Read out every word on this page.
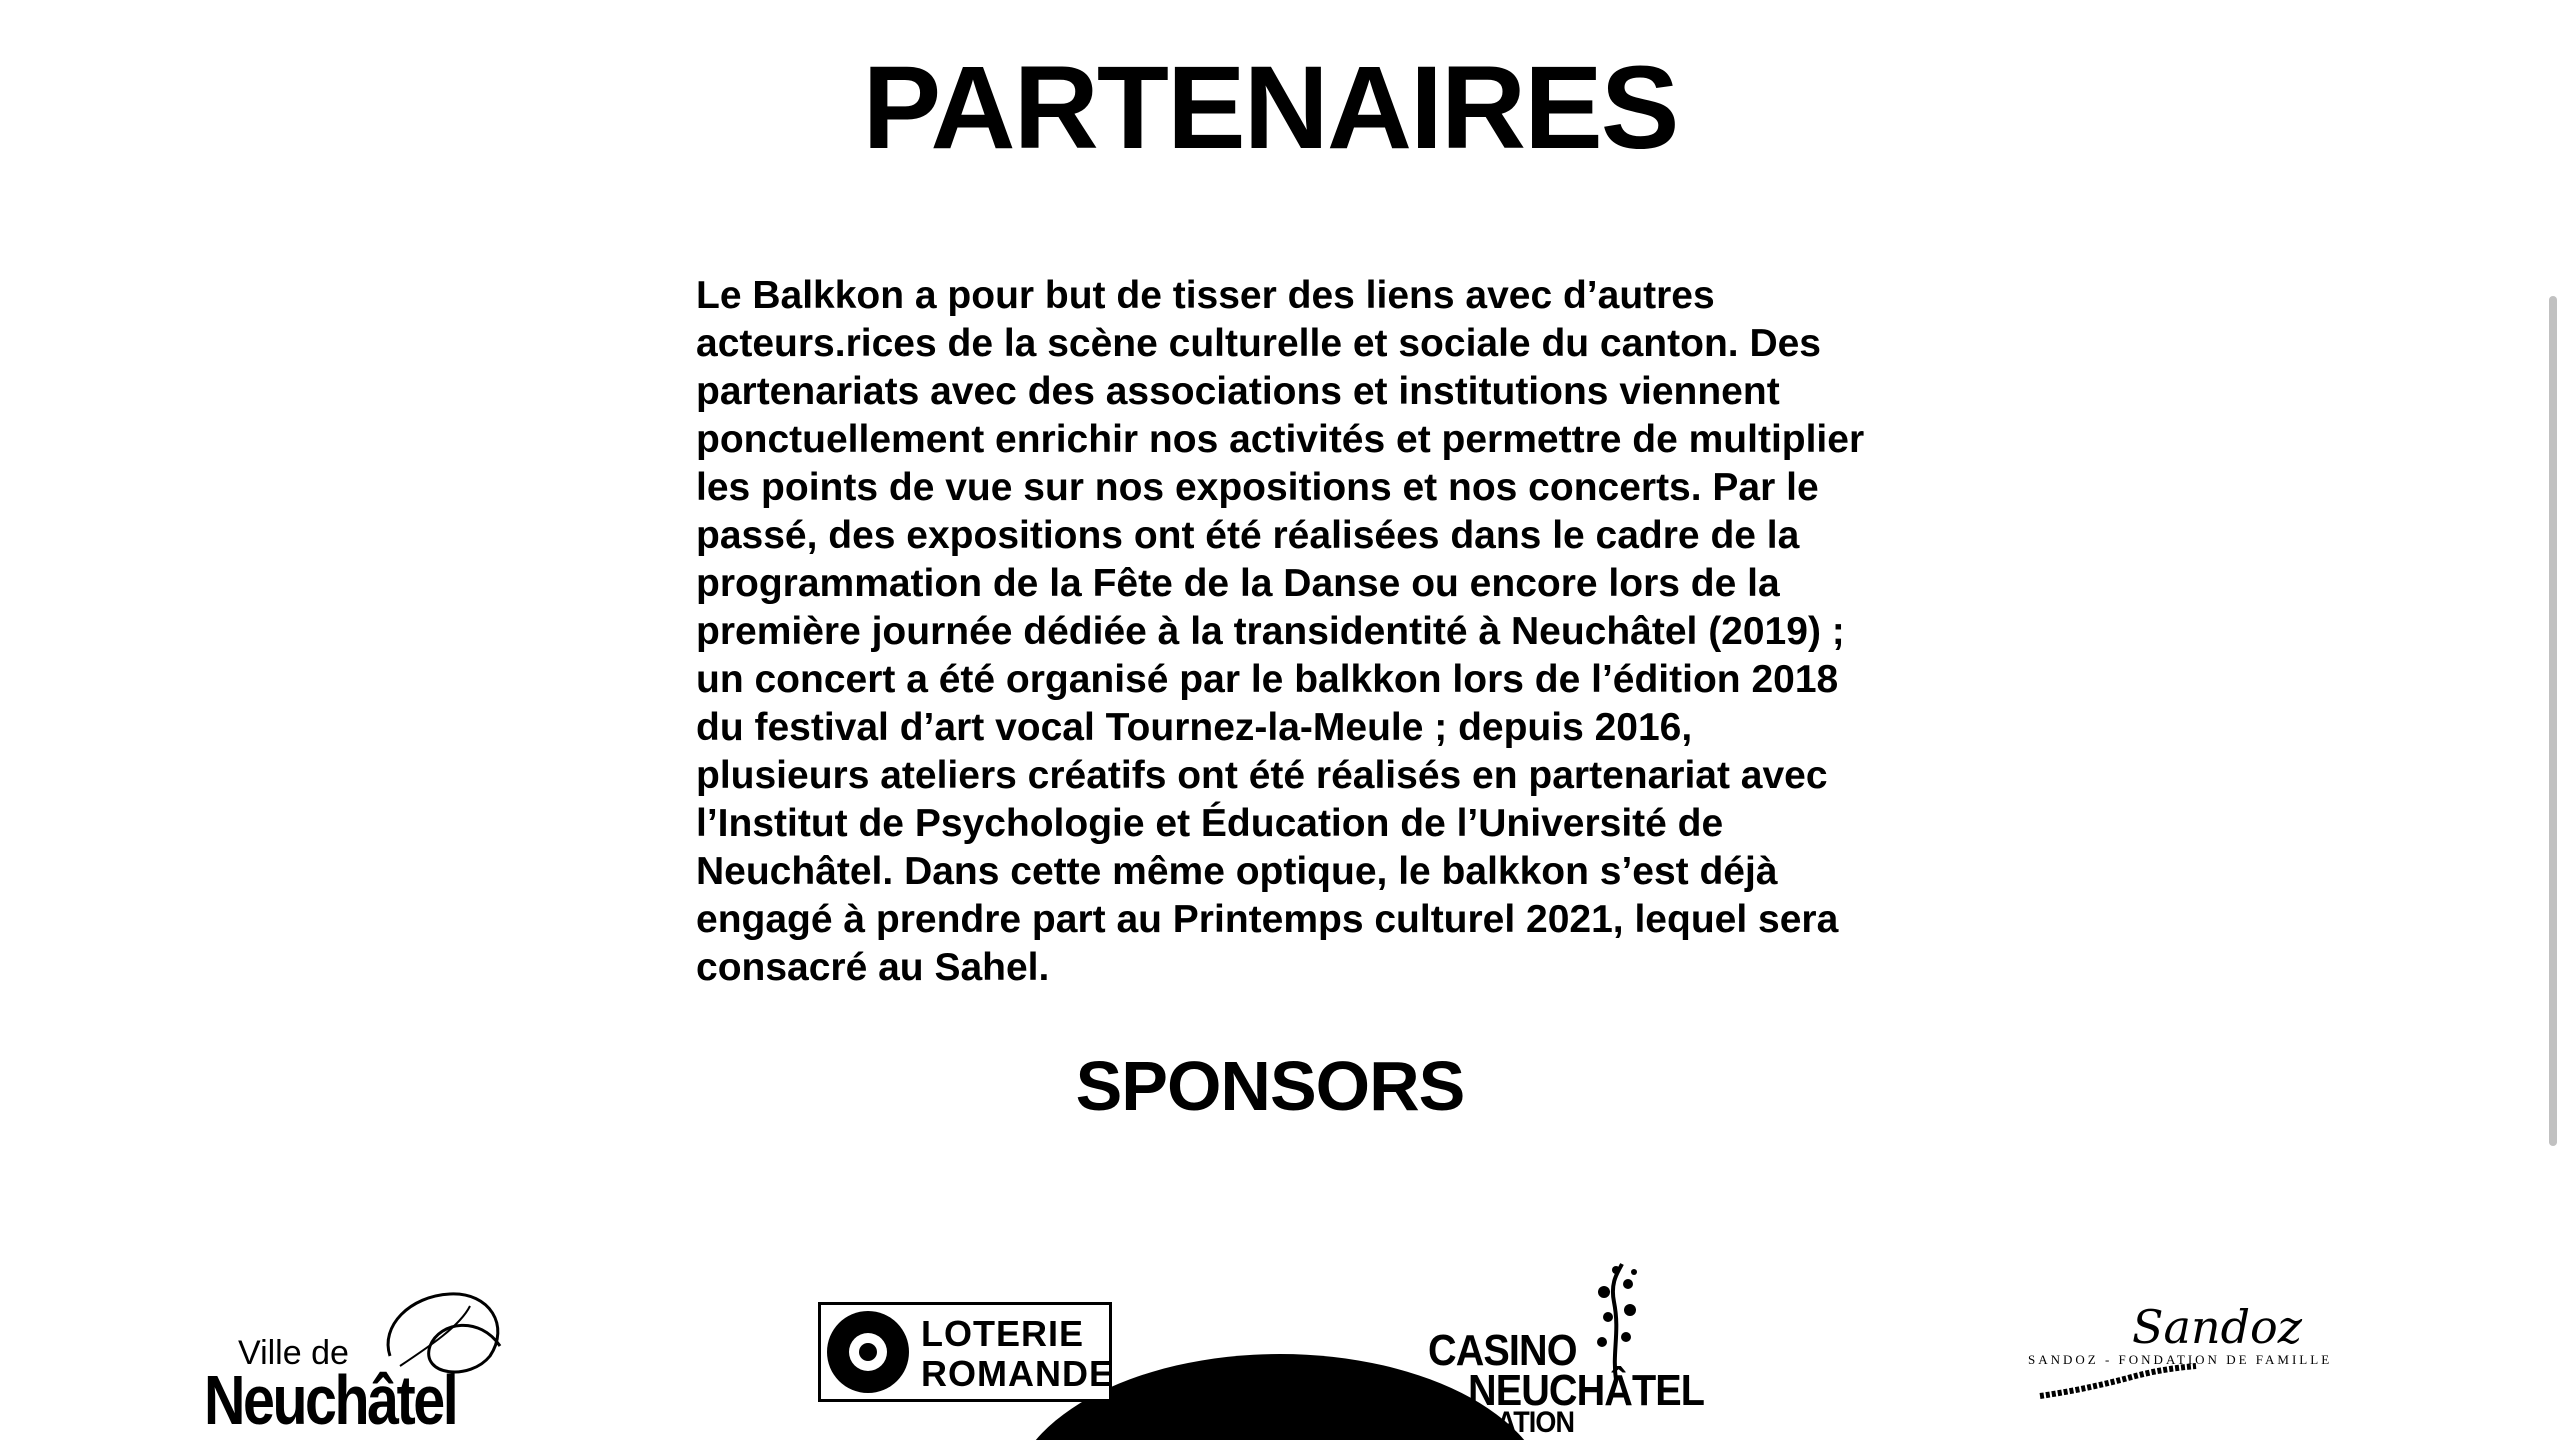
PARTENAIRES

Le Balkkon a pour but de tisser des liens avec d’autres acteurs.rices de la scène culturelle et sociale du canton. Des partenariats avec des associations et institutions viennent ponctuellement enrichir nos activités et permettre de multiplier les points de vue sur nos expositions et nos concerts. Par le passé, des expositions ont été réalisées dans le cadre de la programmation de la Fête de la Danse ou encore lors de la première journée dédiée à la transidentité à Neuchâtel (2019) ; un concert a été organisé par le balkkon lors de l’édition 2018 du festival d’art vocal Tournez-la-Meule ; depuis 2016, plusieurs ateliers créatifs ont été réalisés en partenariat avec l’Institut de Psychologie et Éducation de l’Université de Neuchâtel. Dans cette même optique, le balkkon s’est déjà engagé à prendre part au Printemps culturel 2021, lequel sera consacré au Sahel.

SPONSORS
Ville de
Neuchâtel
LOTERIE
ROMANDE	CASINO
NEUCHÂTEL
DATION
Sandoz
SANDOZ - FONDATION DE FAMILLE
